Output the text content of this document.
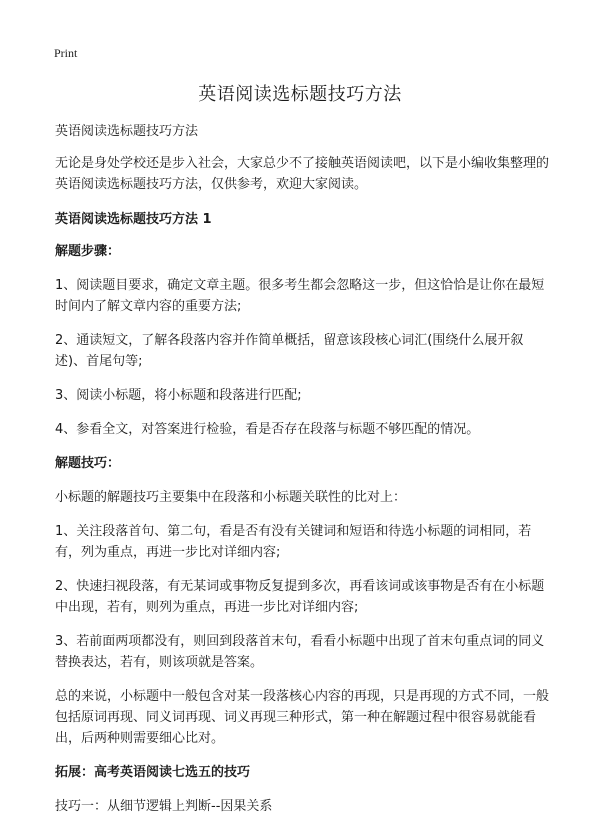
Print
英语阅读选标题技巧方法

英语阅读选标题技巧方法

无论是身处学校还是步入社会，大家总少不了接触英语阅读吧，以下是小编收集整理的英语阅读选标题技巧方法，仅供参考，欢迎大家阅读。

英语阅读选标题技巧方法 1

解题步骤：

1、阅读题目要求，确定文章主题。很多考生都会忽略这一步，但这恰恰是让你在最短时间内了解文章内容的重要方法;

2、通读短文，了解各段落内容并作简单概括，留意该段核心词汇(围绕什么展开叙述)、首尾句等;

3、阅读小标题，将小标题和段落进行匹配;

4、参看全文，对答案进行检验，看是否存在段落与标题不够匹配的情况。

解题技巧：

小标题的解题技巧主要集中在段落和小标题关联性的比对上：

1、关注段落首句、第二句，看是否有没有关键词和短语和待选小标题的词相同，若有，列为重点，再进一步比对详细内容;

2、快速扫视段落，有无某词或事物反复提到多次，再看该词或该事物是否有在小标题中出现，若有，则列为重点，再进一步比对详细内容;

3、若前面两项都没有，则回到段落首末句，看看小标题中出现了首末句重点词的同义替换表达，若有，则该项就是答案。

总的来说，小标题中一般包含对某一段落核心内容的再现，只是再现的方式不同，一般包括原词再现、同义词再现、词义再现三种形式，第一种在解题过程中很容易就能看出，后两种则需要细心比对。

拓展：高考英语阅读七选五的技巧

技巧一：从细节逻辑上判断--因果关系
